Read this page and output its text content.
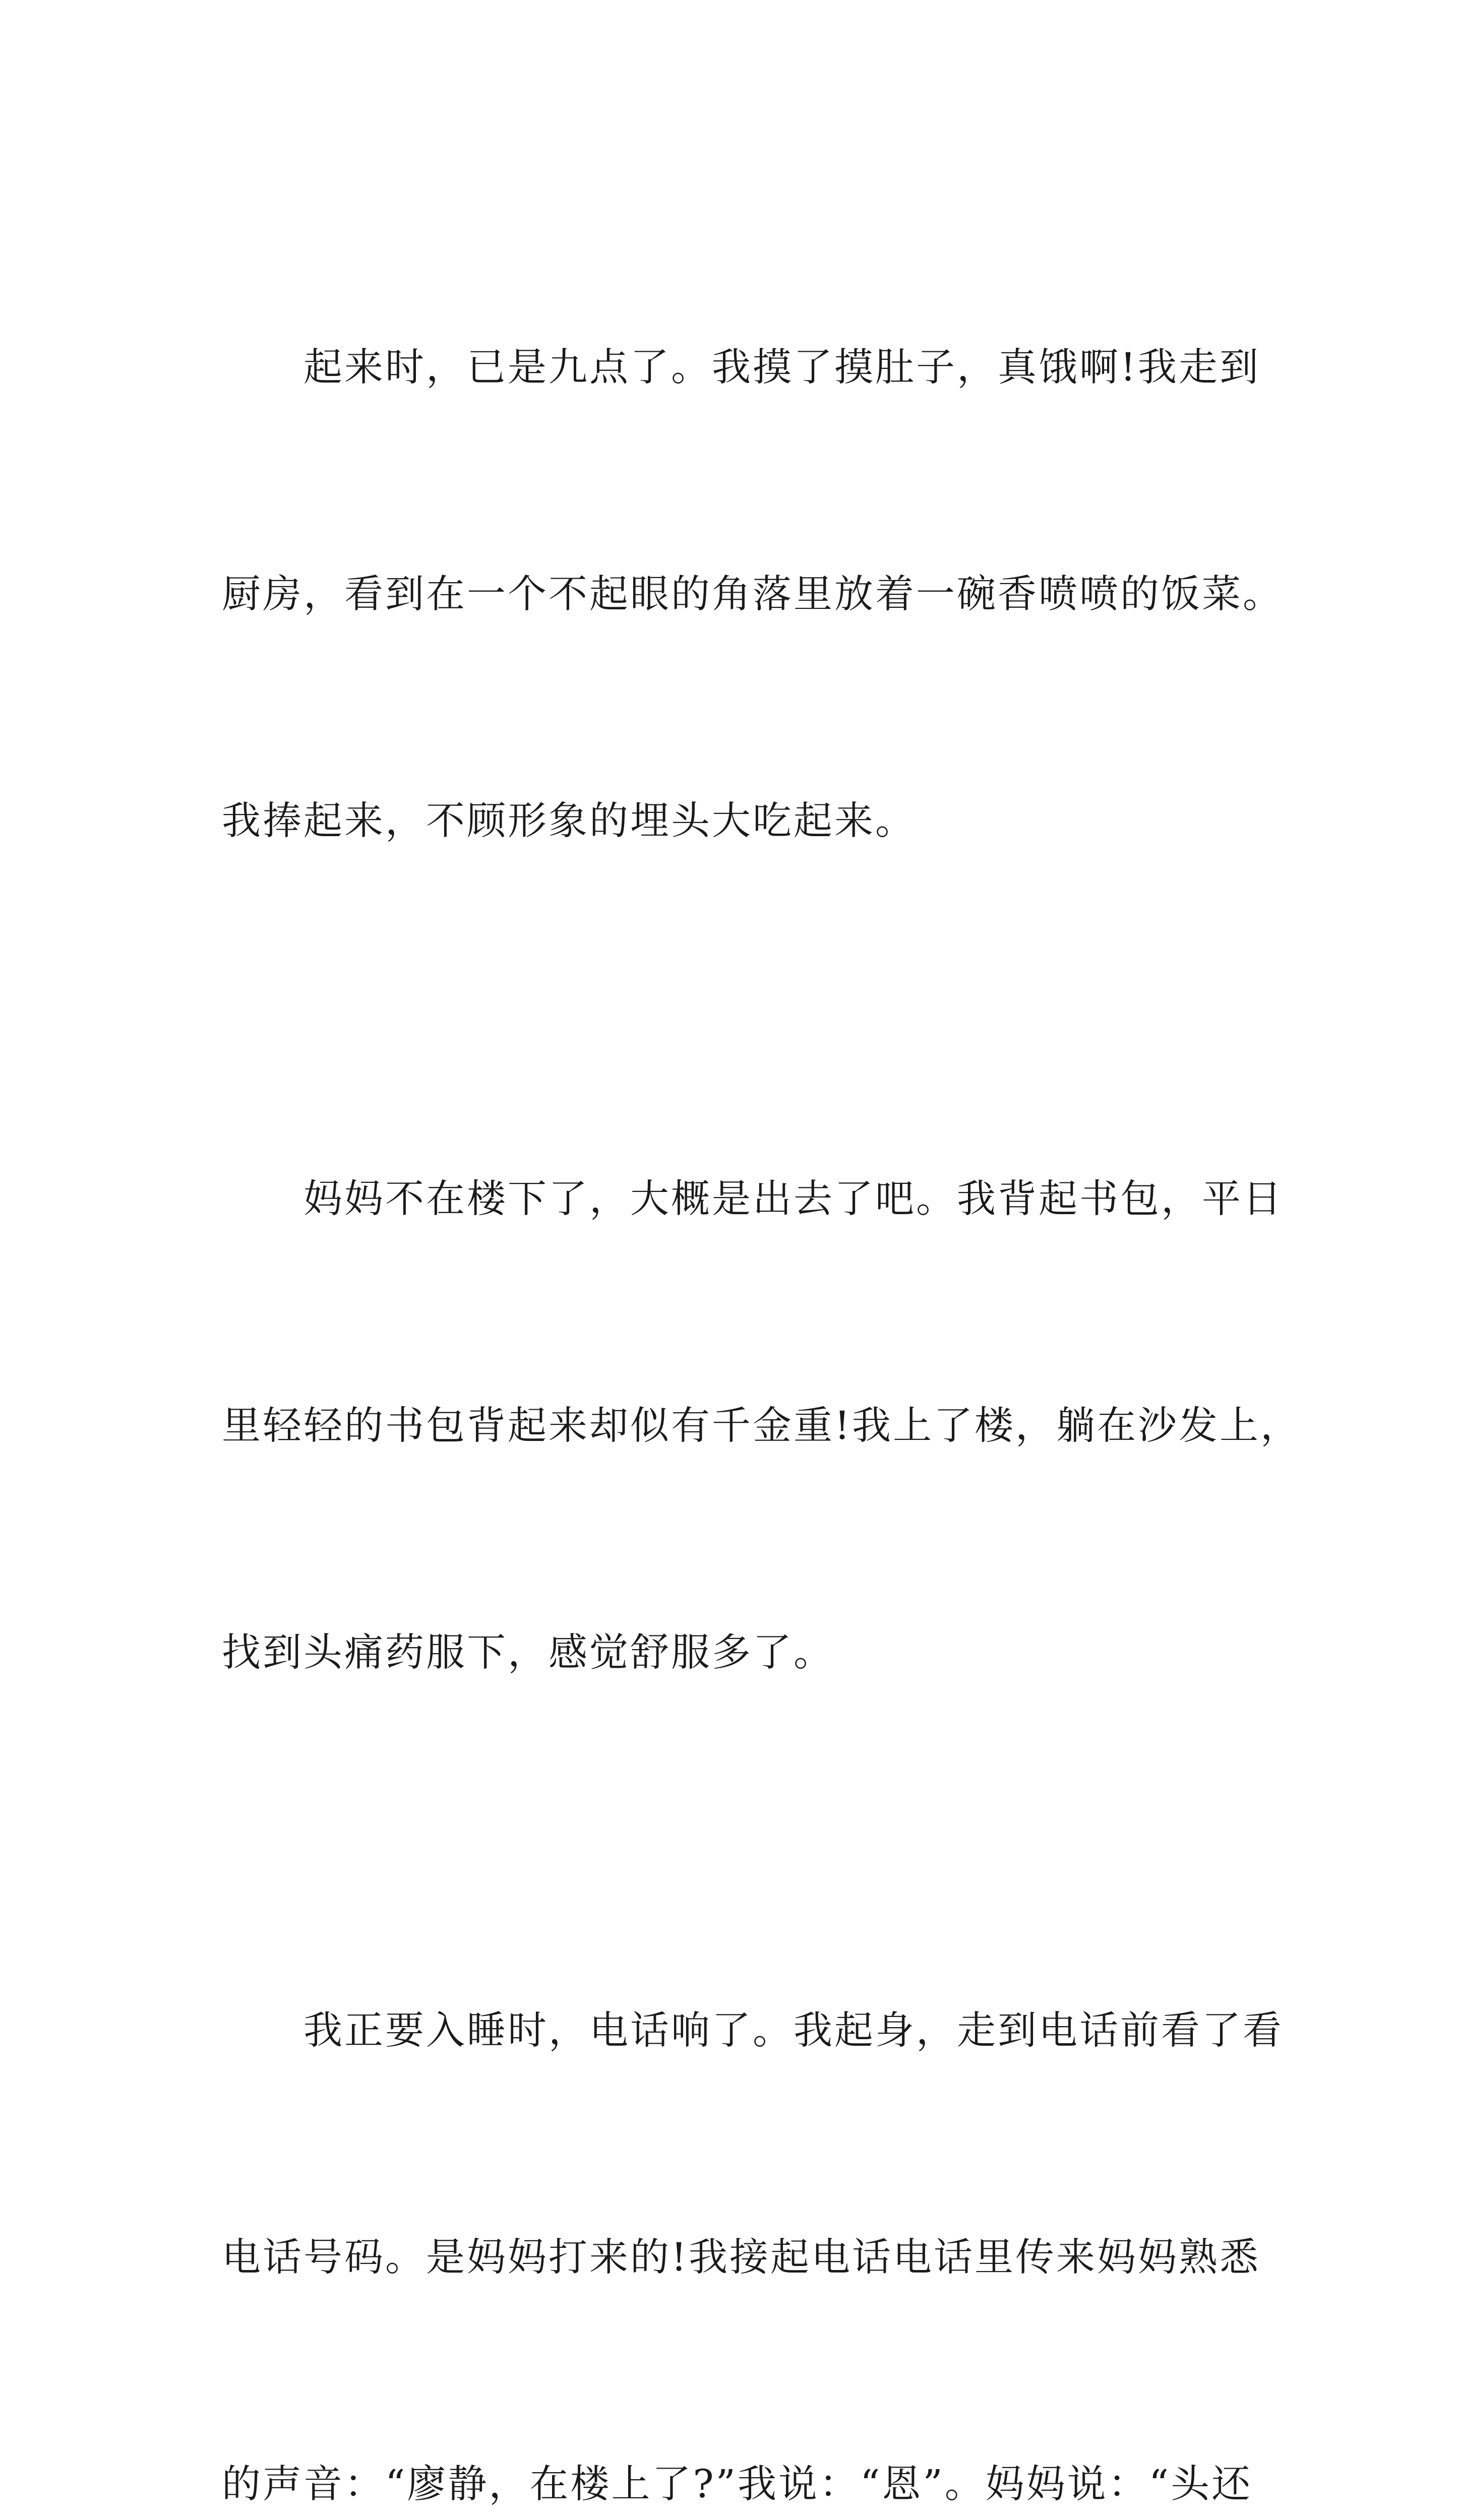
　　起来时，已是九点了。我摸了摸肚子，真饿啊!我走到

厨房，看到在一个不起眼的角落里放着一碗香喷喷的饭菜。

我捧起来，不顾形象的埋头大吃起来。

　　妈妈不在楼下了，大概是出去了吧。我背起书包，平日

里轻轻的书包背起来却似有千金重!我上了楼，躺在沙发上，

找到头痛药服下，感觉舒服多了。

　　我正要入睡时，电话响了。我起身，走到电话前看了看

电话号码。是妈妈打来的!我接起电话电话里传来妈妈熟悉

的声音：“廖静，在楼上了?”我说：“恩”。妈妈说：“头还
